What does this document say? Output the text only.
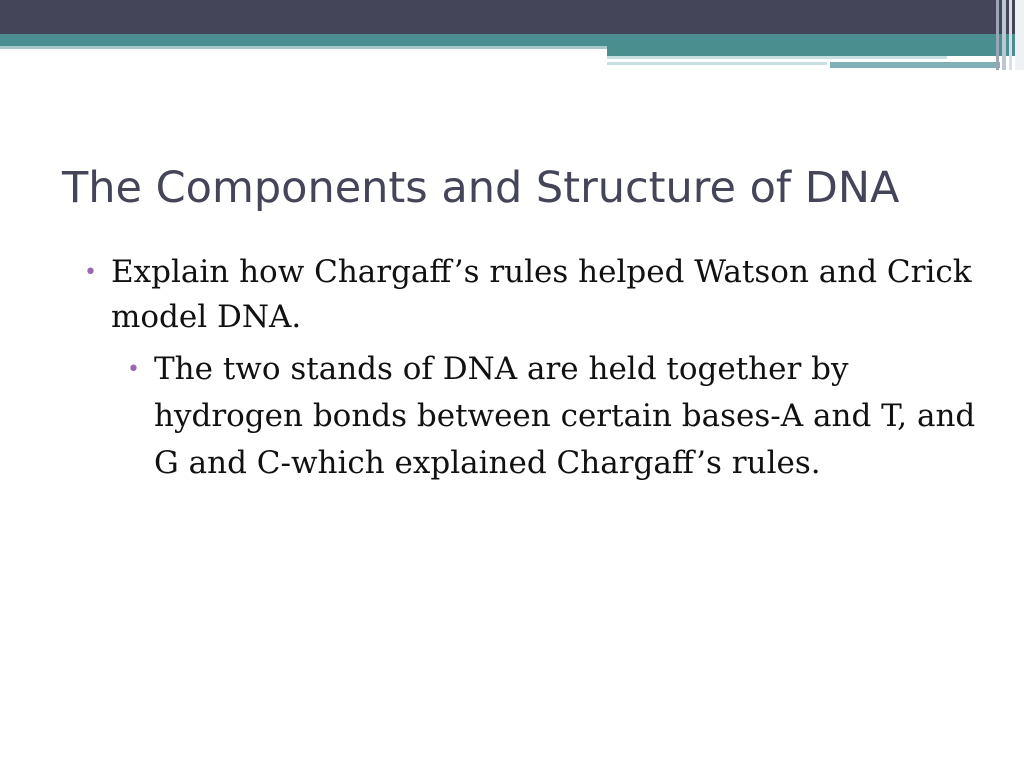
The Components and Structure of DNA
• Explain how Chargaff’s rules helped Watson and Crick model DNA.
• The two stands of DNA are held together by hydrogen bonds between certain bases-A and T, and G and C-which explained Chargaff’s rules.
